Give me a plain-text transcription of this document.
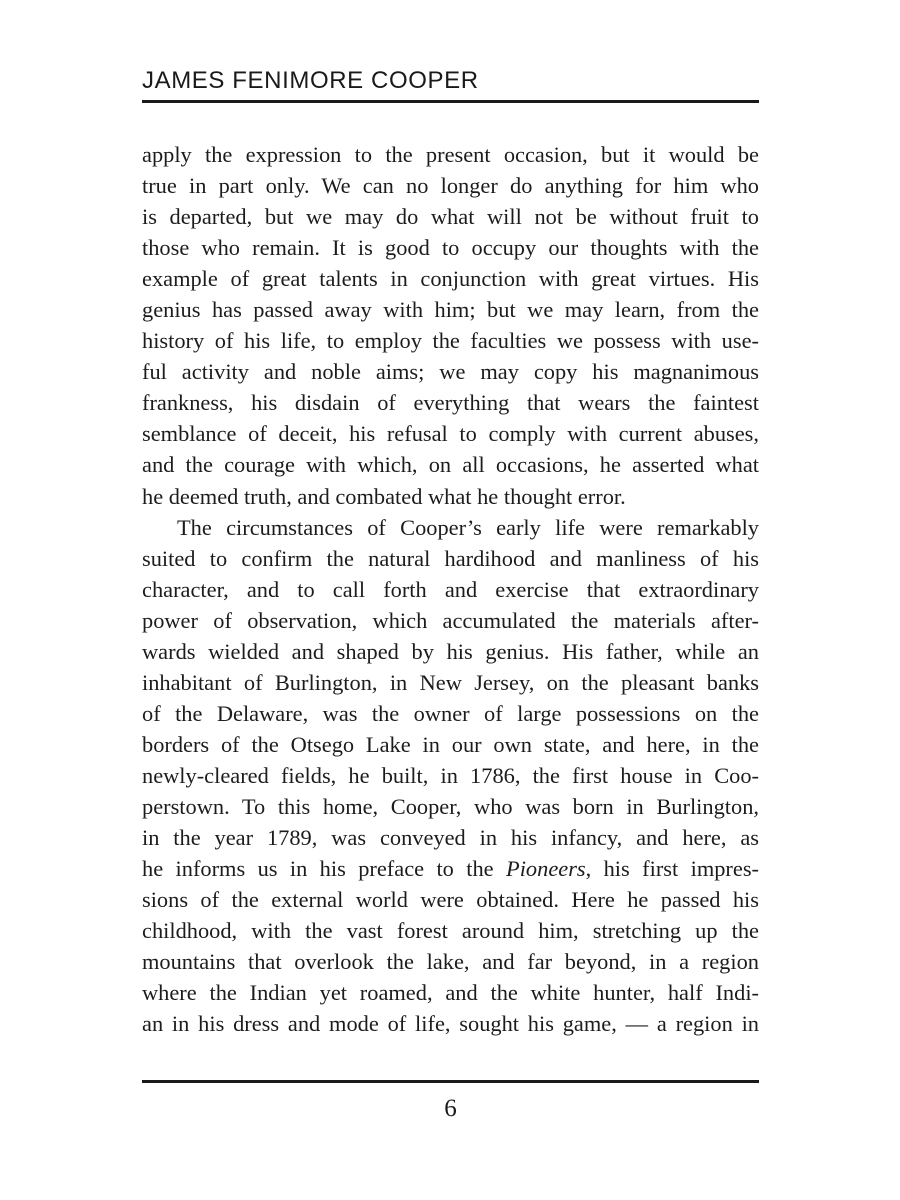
JAMES FENIMORE COOPER
apply the expression to the present occasion, but it would be
true in part only. We can no longer do anything for him who
is departed, but we may do what will not be without fruit to
those who remain. It is good to occupy our thoughts with the
example of great talents in conjunction with great virtues. His
genius has passed away with him; but we may learn, from the
history of his life, to employ the faculties we possess with use-
ful activity and noble aims; we may copy his magnanimous
frankness, his disdain of everything that wears the faintest
semblance of deceit, his refusal to comply with current abuses,
and the courage with which, on all occasions, he asserted what
he deemed truth, and combated what he thought error.
The circumstances of Cooper’s early life were remarkably
suited to confirm the natural hardihood and manliness of his
character, and to call forth and exercise that extraordinary
power of observation, which accumulated the materials after-
wards wielded and shaped by his genius. His father, while an
inhabitant of Burlington, in New Jersey, on the pleasant banks
of the Delaware, was the owner of large possessions on the
borders of the Otsego Lake in our own state, and here, in the
newly-cleared fields, he built, in 1786, the first house in Coo-
perstown. To this home, Cooper, who was born in Burlington,
in the year 1789, was conveyed in his infancy, and here, as
he informs us in his preface to the Pioneers, his first impres-
sions of the external world were obtained. Here he passed his
childhood, with the vast forest around him, stretching up the
mountains that overlook the lake, and far beyond, in a region
where the Indian yet roamed, and the white hunter, half Indi-
an in his dress and mode of life, sought his game, — a region in
6
